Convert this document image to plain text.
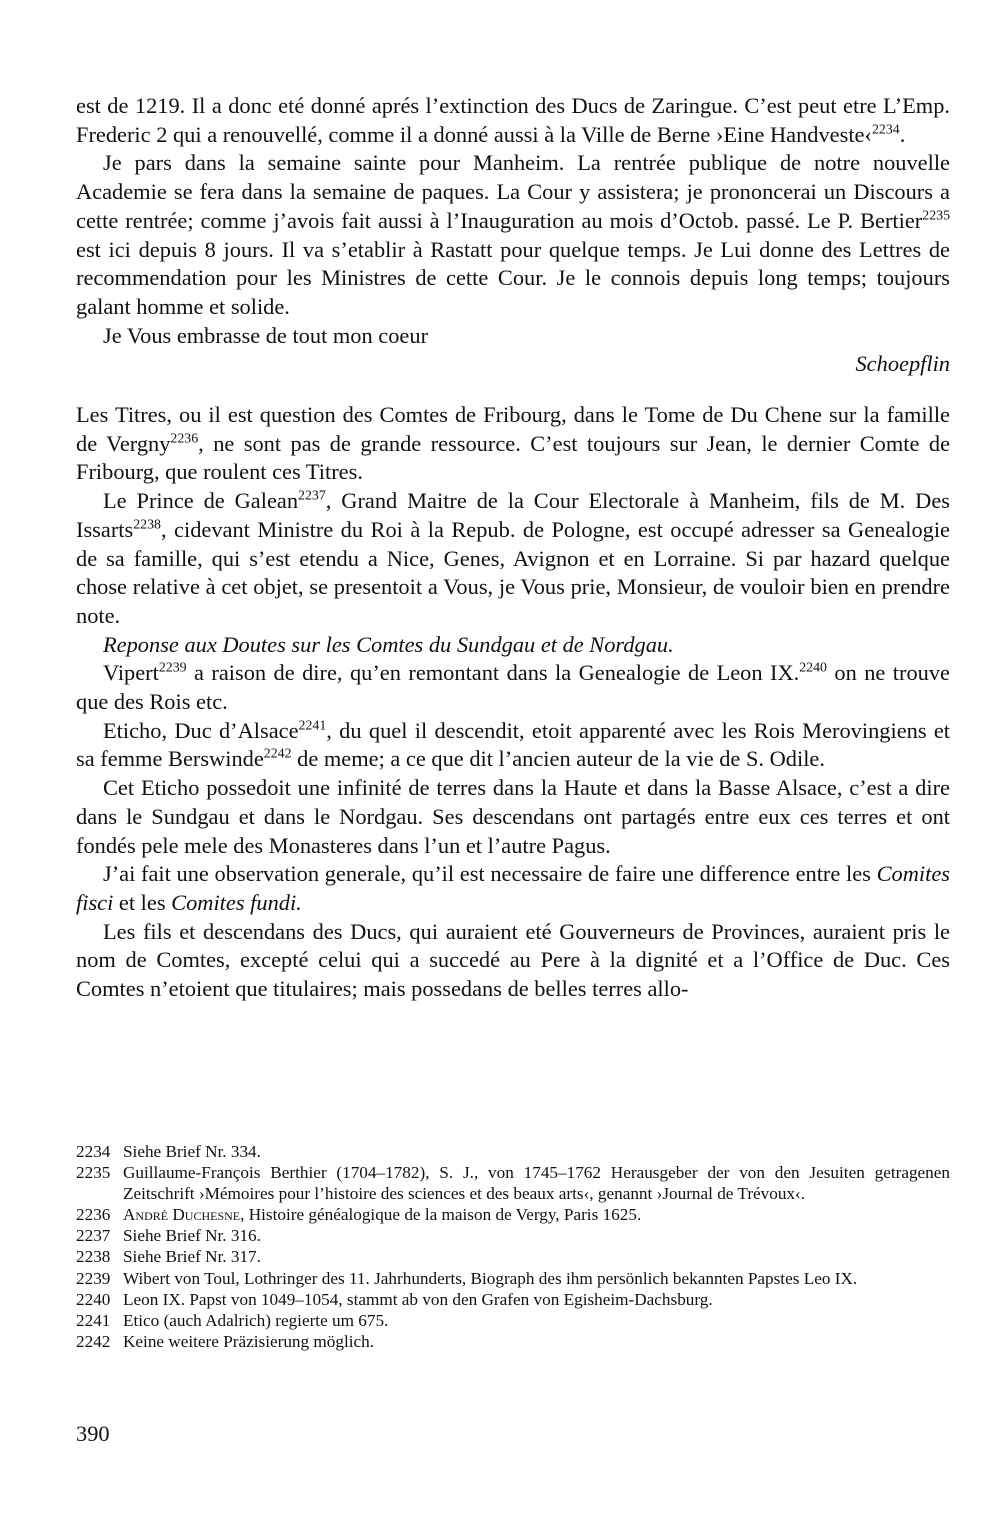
est de 1219. Il a donc eté donné aprés l’extinction des Ducs de Zaringue. C’est peut etre L’Emp. Frederic 2 qui a renouvellé, comme il a donné aussi à la Ville de Berne ›Eine Handveste‹$^{2234}$.

Je pars dans la semaine sainte pour Manheim. La rentrée publique de notre nouvelle Academie se fera dans la semaine de paques. La Cour y assistera; je prononcerai un Discours a cette rentrée; comme j’avois fait aussi à l’Inauguration au mois d’Octob. passé. Le P. Bertier$^{2235}$ est ici depuis 8 jours. Il va s’etablir à Rastatt pour quelque temps. Je Lui donne des Lettres de recommendation pour les Ministres de cette Cour. Je le connois depuis long temps; toujours galant homme et solide.

Je Vous embrasse de tout mon coeur

Schoepflin

Les Titres, ou il est question des Comtes de Fribourg, dans le Tome de Du Chene sur la famille de Vergny$^{2236}$, ne sont pas de grande ressource. C’est toujours sur Jean, le dernier Comte de Fribourg, que roulent ces Titres.

Le Prince de Galean$^{2237}$, Grand Maitre de la Cour Electorale à Manheim, fils de M. Des Issarts$^{2238}$, cidevant Ministre du Roi à la Repub. de Pologne, est occupé adresser sa Genealogie de sa famille, qui s’est etendu a Nice, Genes, Avignon et en Lorraine. Si par hazard quelque chose relative à cet objet, se presentoit a Vous, je Vous prie, Monsieur, de vouloir bien en prendre note.

Reponse aux Doutes sur les Comtes du Sundgau et de Nordgau.

Vipert$^{2239}$ a raison de dire, qu’en remontant dans la Genealogie de Leon IX.$^{2240}$ on ne trouve que des Rois etc.

Eticho, Duc d’Alsace$^{2241}$, du quel il descendit, etoit apparenté avec les Rois Merovingiens et sa femme Berswinde$^{2242}$ de meme; a ce que dit l’ancien auteur de la vie de S. Odile.

Cet Eticho possedoit une infinité de terres dans la Haute et dans la Basse Alsace, c’est a dire dans le Sundgau et dans le Nordgau. Ses descendans ont partagés entre eux ces terres et ont fondés pele mele des Monasteres dans l’un et l’autre Pagus.

J’ai fait une observation generale, qu’il est necessaire de faire une difference entre les Comites fisci et les Comites fundi.

Les fils et descendans des Ducs, qui auraient eté Gouverneurs de Provinces, auraient pris le nom de Comtes, excepté celui qui a succedé au Pere à la dignité et a l’Office de Duc. Ces Comtes n’etoient que titulaires; mais possedans de belles terres allo-

2234 Siehe Brief Nr. 334.
2235 Guillaume-François Berthier (1704–1782), S. J., von 1745–1762 Herausgeber der von den Jesuiten getragenen Zeitschrift ›Mémoires pour l’histoire des sciences et des beaux arts‹, genannt ›Journal de Trévoux‹.
2236 André Duchesne, Histoire généalogique de la maison de Vergy, Paris 1625.
2237 Siehe Brief Nr. 316.
2238 Siehe Brief Nr. 317.
2239 Wibert von Toul, Lothringer des 11. Jahrhunderts, Biograph des ihm persönlich bekannten Papstes Leo IX.
2240 Leon IX. Papst von 1049–1054, stammt ab von den Grafen von Egisheim-Dachsburg.
2241 Etico (auch Adalrich) regierte um 675.
2242 Keine weitere Präzisierung möglich.
390
